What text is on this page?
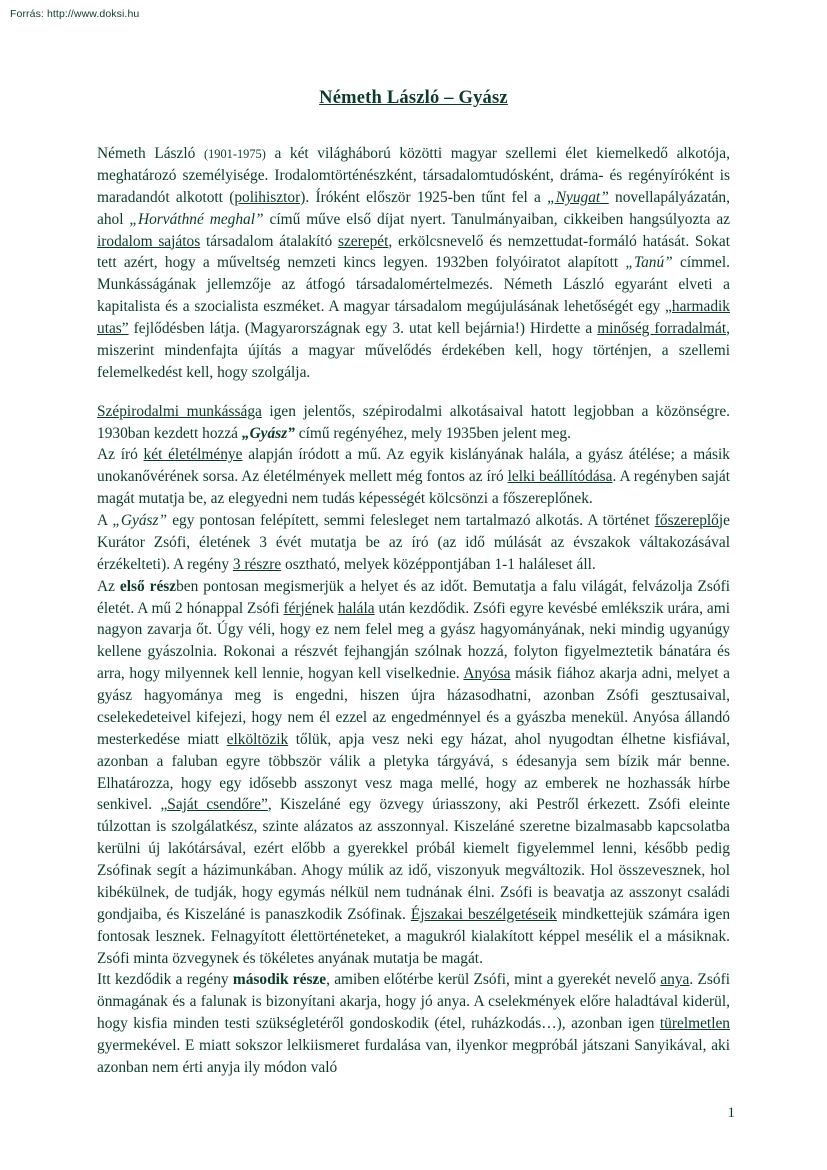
Forrás: http://www.doksi.hu
Németh László – Gyász

Németh László (1901-1975) a két világháború közötti magyar szellemi élet kiemelkedő alkotója, meghatározó személyisége. Irodalomtörténészként, társadalomtudósként, dráma- és regényíróként is maradandót alkotott (polihisztor). Íróként először 1925-ben tűnt fel a „Nyugat” novellapályázatán, ahol „Horváthné meghal” című műve első díjat nyert. Tanulmányaiban, cikkeiben hangsúlyozta az irodalom sajátos társadalom átalakító szerepét, erkölcsnevelő és nemzettudat-formáló hatását. Sokat tett azért, hogy a műveltség nemzeti kincs legyen. 1932ben folyóiratot alapított „Tanú” címmel. Munkásságának jellemzője az átfogó társadalomértelmezés. Németh László egyaránt elveti a kapitalista és a szocialista eszméket. A magyar társadalom megújulásának lehetőségét egy „harmadik utas” fejlődésben látja. (Magyarországnak egy 3. utat kell bejárnia!) Hirdette a minőség forradalmát, miszerint mindenfajta újítás a magyar művelődés érdekében kell, hogy történjen, a szellemi felemelkedést kell, hogy szolgálja.

Szépirodalmi munkássága igen jelentős, szépirodalmi alkotásaival hatott legjobban a közönségre. 1930ban kezdett hozzá „Gyász” című regényéhez, mely 1935ben jelent meg.

Az író két életélménye alapján íródott a mű. Az egyik kislányának halála, a gyász átélése; a másik unokanővérének sorsa. Az életélmények mellett még fontos az író lelki beállítódása. A regényben saját magát mutatja be, az elegyedni nem tudás képességét kölcsönzi a főszereplőnek.

A „Gyász” egy pontosan felépített, semmi felesleget nem tartalmazó alkotás. A történet főszereplője Kurátor Zsófi, életének 3 évét mutatja be az író (az idő múlását az évszakok váltakozásával érzékelteti). A regény 3 részre osztható, melyek középpontjában 1-1 haláleset áll.

Az első részben pontosan megismerjük a helyet és az időt. Bemutatja a falu világát, felvázolja Zsófi életét. A mű 2 hónappal Zsófi férjének halála után kezdődik. Zsófi egyre kevésbé emlékszik urára, ami nagyon zavarja őt. Úgy véli, hogy ez nem felel meg a gyász hagyományának, neki mindig ugyanúgy kellene gyászolnia. Rokonai a részvét fejhangján szólnak hozzá, folyton figyelmeztetik bánatára és arra, hogy milyennek kell lennie, hogyan kell viselkednie. Anyósa másik fiához akarja adni, melyet a gyász hagyománya meg is engedni, hiszen újra házasodhatni, azonban Zsófi gesztusaival, cselekedeteivel kifejezi, hogy nem él ezzel az engedménnyel és a gyászba menekül. Anyósa állandó mesterkedése miatt elköltözik tőlük, apja vesz neki egy házat, ahol nyugodtan élhetne kisfiával, azonban a faluban egyre többször válik a pletyka tárgyává, s édesanyja sem bízik már benne. Elhatározza, hogy egy idősebb asszonyt vesz maga mellé, hogy az emberek ne hozhassák hírbe senkivel. „Saját csendőre”, Kiszeláné egy özvegy úriasszony, aki Pestről érkezett. Zsófi eleinte túlzottan is szolgálatkész, szinte alázatos az asszonnyal. Kiszeláné szeretne bizalmasabb kapcsolatba kerülni új lakótársával, ezért előbb a gyerekkel próbál kiemelt figyelemmel lenni, később pedig Zsófinak segít a házimunkában. Ahogy múlik az idő, viszonyuk megváltozik. Hol összevesznek, hol kibékülnek, de tudják, hogy egymás nélkül nem tudnának élni. Zsófi is beavatja az asszonyt családi gondjaiba, és Kiszeláné is panaszkodik Zsófinak. Éjszakai beszélgetéseik mindkettejük számára igen fontosak lesznek. Felnagyított élettörténeteket, a magukról kialakított képpel mesélik el a másiknak. Zsófi minta özvegynek és tökéletes anyának mutatja be magát.

Itt kezdődik a regény második része, amiben előtérbe kerül Zsófi, mint a gyerekét nevelő anya. Zsófi önmagának és a falunak is bizonyítani akarja, hogy jó anya. A cselekmények előre haladtával kiderül, hogy kisfia minden testi szükségletéről gondoskodik (étel, ruházkodás…), azonban igen türelmetlen gyermekével. E miatt sokszor lelkiismeret furdalása van, ilyenkor megpróbál játszani Sanyikával, aki azonban nem érti anyja ily módon való

1
